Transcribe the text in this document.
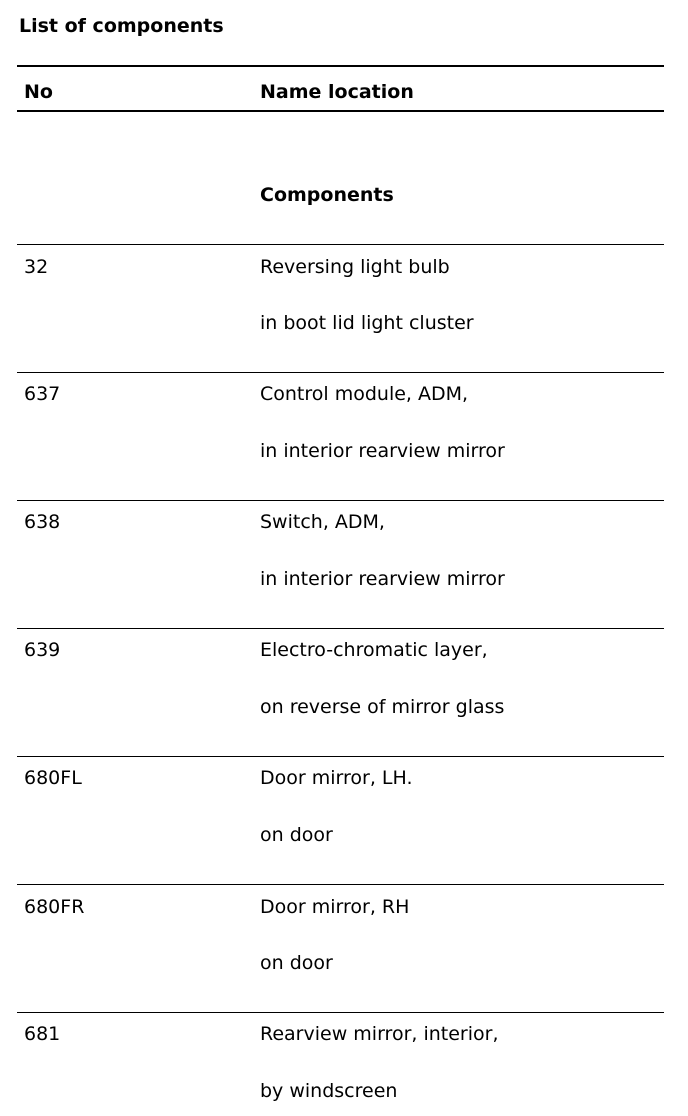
List of components
No	Name location
Components
32	Reversing light bulb
in boot lid light cluster
637	Control module, ADM,
in interior rearview mirror
638	Switch, ADM,
in interior rearview mirror
639	Electro-chromatic layer,
on reverse of mirror glass
680FL	Door mirror, LH.
on door
680FR	Door mirror, RH
on door
681	Rearview mirror, interior,
by windscreen
